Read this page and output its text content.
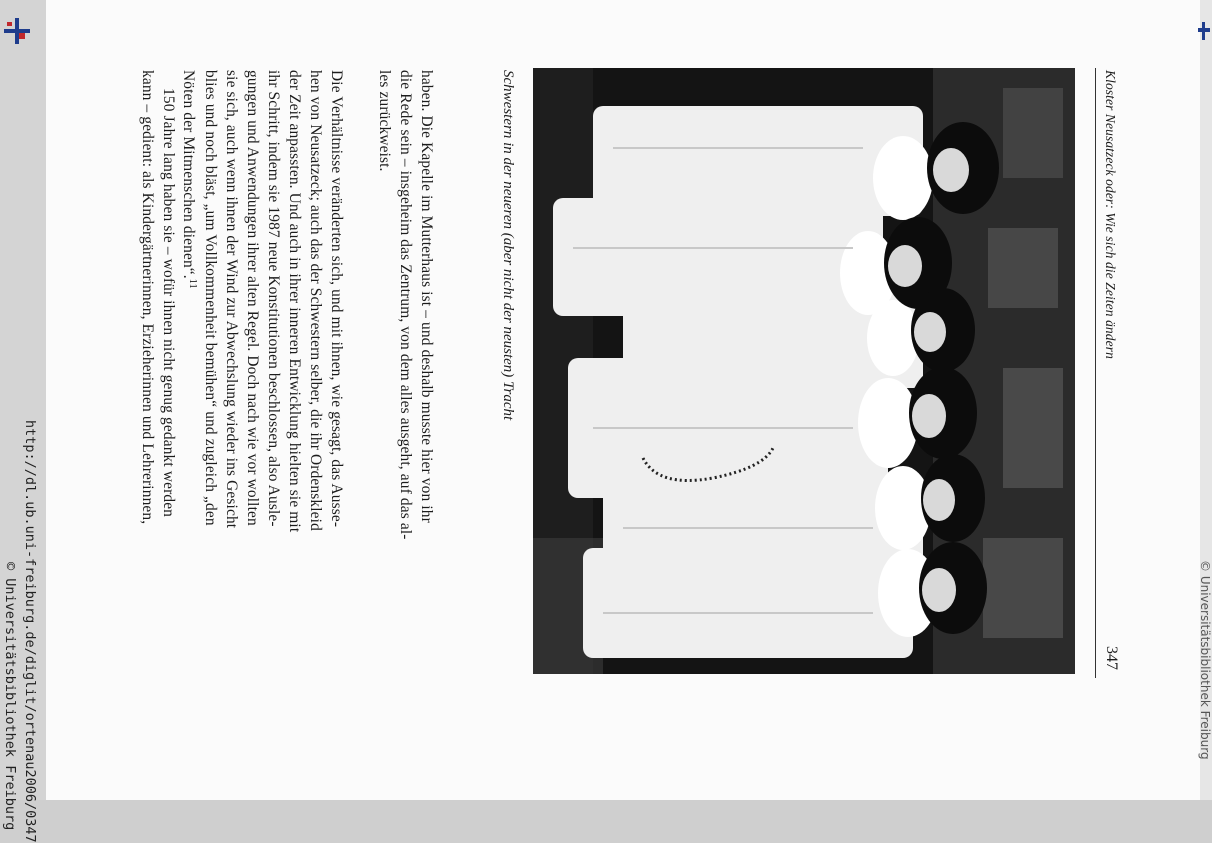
Kloster Neusatzeck oder: Wie sich die Zeiten ändern
347
Schwestern in der neueren (aber nicht der neusten) Tracht
haben. Die Kapelle im Mutterhaus ist – und deshalb musste hier von ihr
die Rede sein – insgeheim das Zentrum, von dem alles ausgeht, auf das al-
les zurückweist.
Die Verhältnisse veränderten sich, und mit ihnen, wie gesagt, das Ausse-
hen von Neusatzeck; auch das der Schwestern selber, die ihr Ordenskleid
der Zeit anpassten. Und auch in ihrer inneren Entwicklung hielten sie mit
ihr Schritt, indem sie 1987 neue Konstitutionen beschlossen, also Ausle-
gungen und Anwendungen ihrer alten Regel. Doch nach wie vor wollten
sie sich, auch wenn ihnen der Wind zur Abwechslung wieder ins Gesicht
blies und noch bläst, „um Vollkommenheit bemühen“ und zugleich „den
Nöten der Mitmenschen dienen“.$^{11}$
150 Jahre lang haben sie – wofür ihnen nicht genug gedankt werden
kann – gedient: als Kindergärtnerinnen, Erzieherinnen und Lehrerinnen,
http://dl.ub.uni-freiburg.de/diglit/ortenau2006/0347
© Universitätsbibliothek Freiburg	© Universitätsbibliothek Freiburg
